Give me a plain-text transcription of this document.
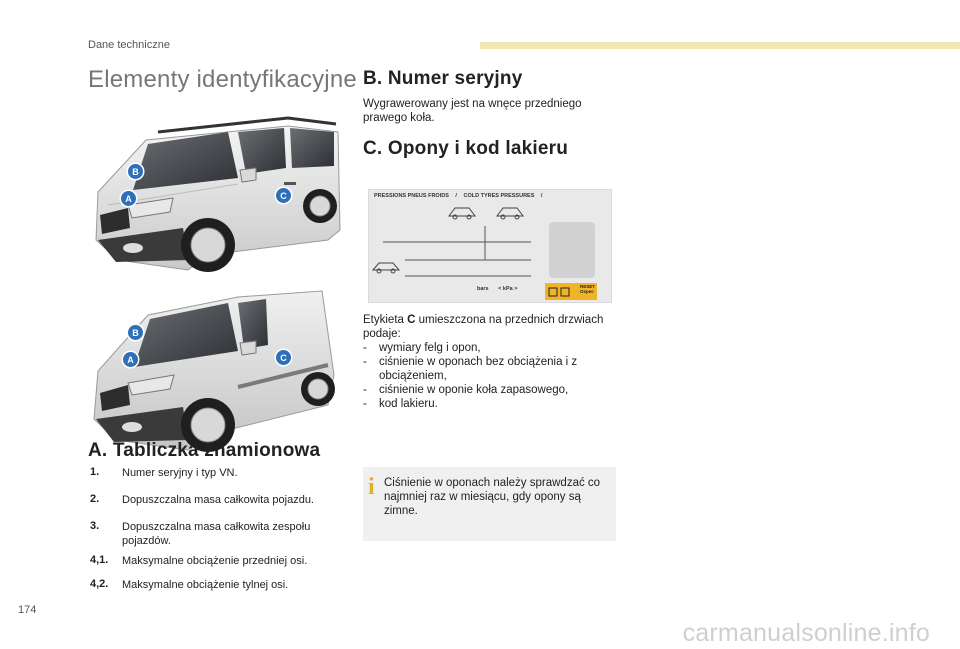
Dane techniczne
Elementy identyfikacyjne
B
A	C
B
A	C
A. Tabliczka znamionowa
1.	Numer seryjny i typ VN.
2.	Dopuszczalna masa całkowita pojazdu.
3.	Dopuszczalna masa całkowita zespołu pojazdów.
4,1.	Maksymalne obciążenie przedniej osi.
4,2.	Maksymalne obciążenie tylnej osi.
B. Numer seryjny
Wygrawerowany jest na wnęce przedniego prawego koła.
C. Opony i kod lakieru
PRESSIONS PNEUS FROIDS / COLD TYRES PRESSURES /
bars < kPa >	RESET
Ospec
Etykieta C umieszczona na przednich drzwiach podaje:
- wymiary felg i opon,
- ciśnienie w oponach bez obciążenia i z obciążeniem,
- ciśnienie w oponie koła zapasowego,
- kod lakieru.
i Ciśnienie w oponach należy sprawdzać co najmniej raz w miesiącu, gdy opony są zimne.
174
carmanualsonline.info
